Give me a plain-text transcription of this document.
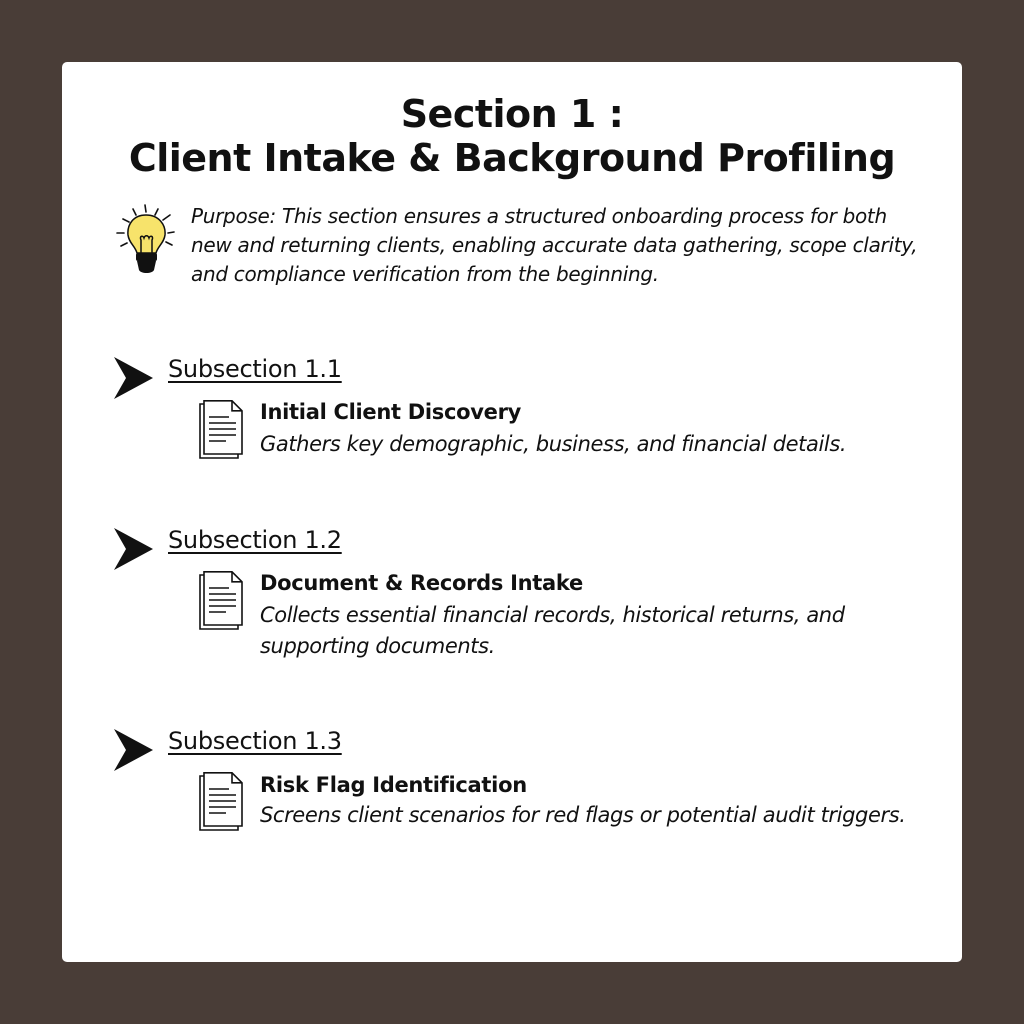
Section 1 :
Client Intake & Background Profiling
Purpose: This section ensures a structured onboarding process for both new and returning clients, enabling accurate data gathering, scope clarity, and compliance verification from the beginning.
Subsection 1.1
Initial Client Discovery
Gathers key demographic, business, and financial details.
Subsection 1.2
Document & Records Intake
Collects essential financial records, historical returns, and supporting documents.
Subsection 1.3
Risk Flag Identification
Screens client scenarios for red flags or potential audit triggers.
